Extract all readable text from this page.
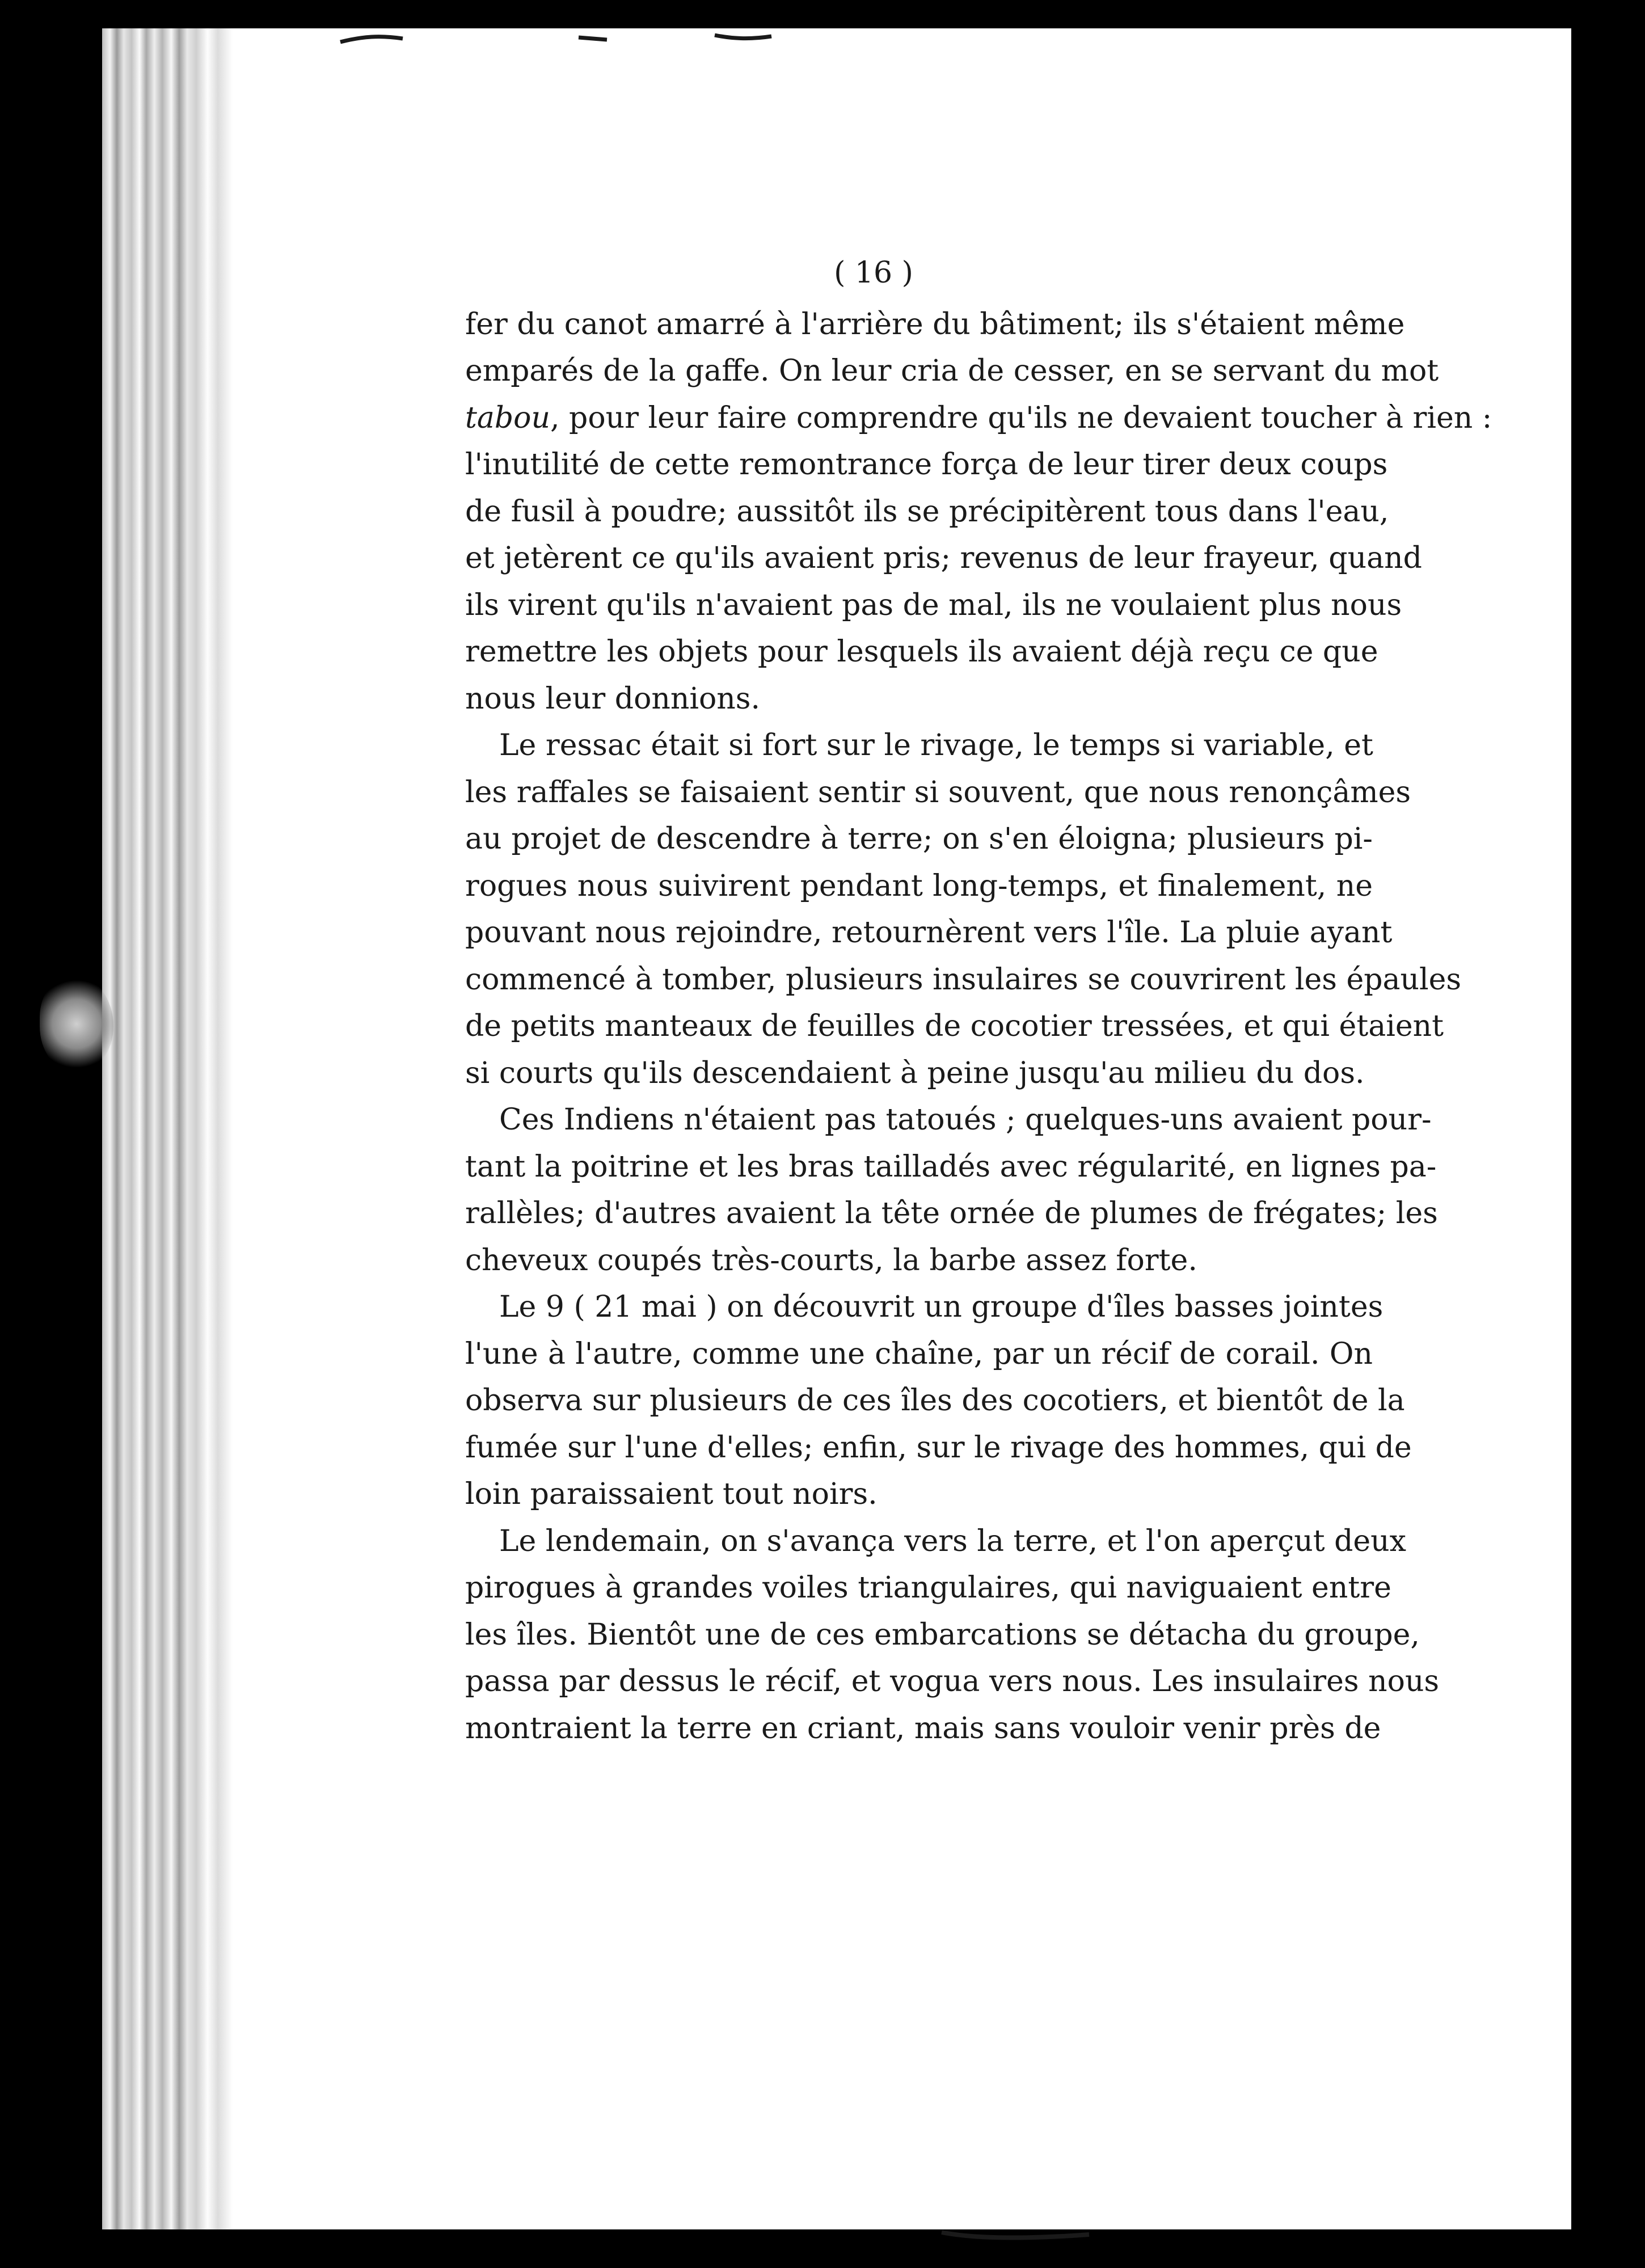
( 16 )
fer du canot amarré à l'arrière du bâtiment; ils s'étaient même
emparés de la gaffe. On leur cria de cesser, en se servant du mot
tabou, pour leur faire comprendre qu'ils ne devaient toucher à rien :
l'inutilité de cette remontrance força de leur tirer deux coups
de fusil à poudre; aussitôt ils se précipitèrent tous dans l'eau,
et jetèrent ce qu'ils avaient pris; revenus de leur frayeur, quand
ils virent qu'ils n'avaient pas de mal, ils ne voulaient plus nous
remettre les objets pour lesquels ils avaient déjà reçu ce que
nous leur donnions.
Le ressac était si fort sur le rivage, le temps si variable, et
les raffales se faisaient sentir si souvent, que nous renonçâmes
au projet de descendre à terre; on s'en éloigna; plusieurs pi-
rogues nous suivirent pendant long-temps, et finalement, ne
pouvant nous rejoindre, retournèrent vers l'île. La pluie ayant
commencé à tomber, plusieurs insulaires se couvrirent les épaules
de petits manteaux de feuilles de cocotier tressées, et qui étaient
si courts qu'ils descendaient à peine jusqu'au milieu du dos.
Ces Indiens n'étaient pas tatoués ; quelques-uns avaient pour-
tant la poitrine et les bras tailladés avec régularité, en lignes pa-
rallèles; d'autres avaient la tête ornée de plumes de frégates; les
cheveux coupés très-courts, la barbe assez forte.
Le 9 ( 21 mai ) on découvrit un groupe d'îles basses jointes
l'une à l'autre, comme une chaîne, par un récif de corail. On
observa sur plusieurs de ces îles des cocotiers, et bientôt de la
fumée sur l'une d'elles; enfin, sur le rivage des hommes, qui de
loin paraissaient tout noirs.
Le lendemain, on s'avança vers la terre, et l'on aperçut deux
pirogues à grandes voiles triangulaires, qui naviguaient entre
les îles. Bientôt une de ces embarcations se détacha du groupe,
passa par dessus le récif, et vogua vers nous. Les insulaires nous
montraient la terre en criant, mais sans vouloir venir près de
